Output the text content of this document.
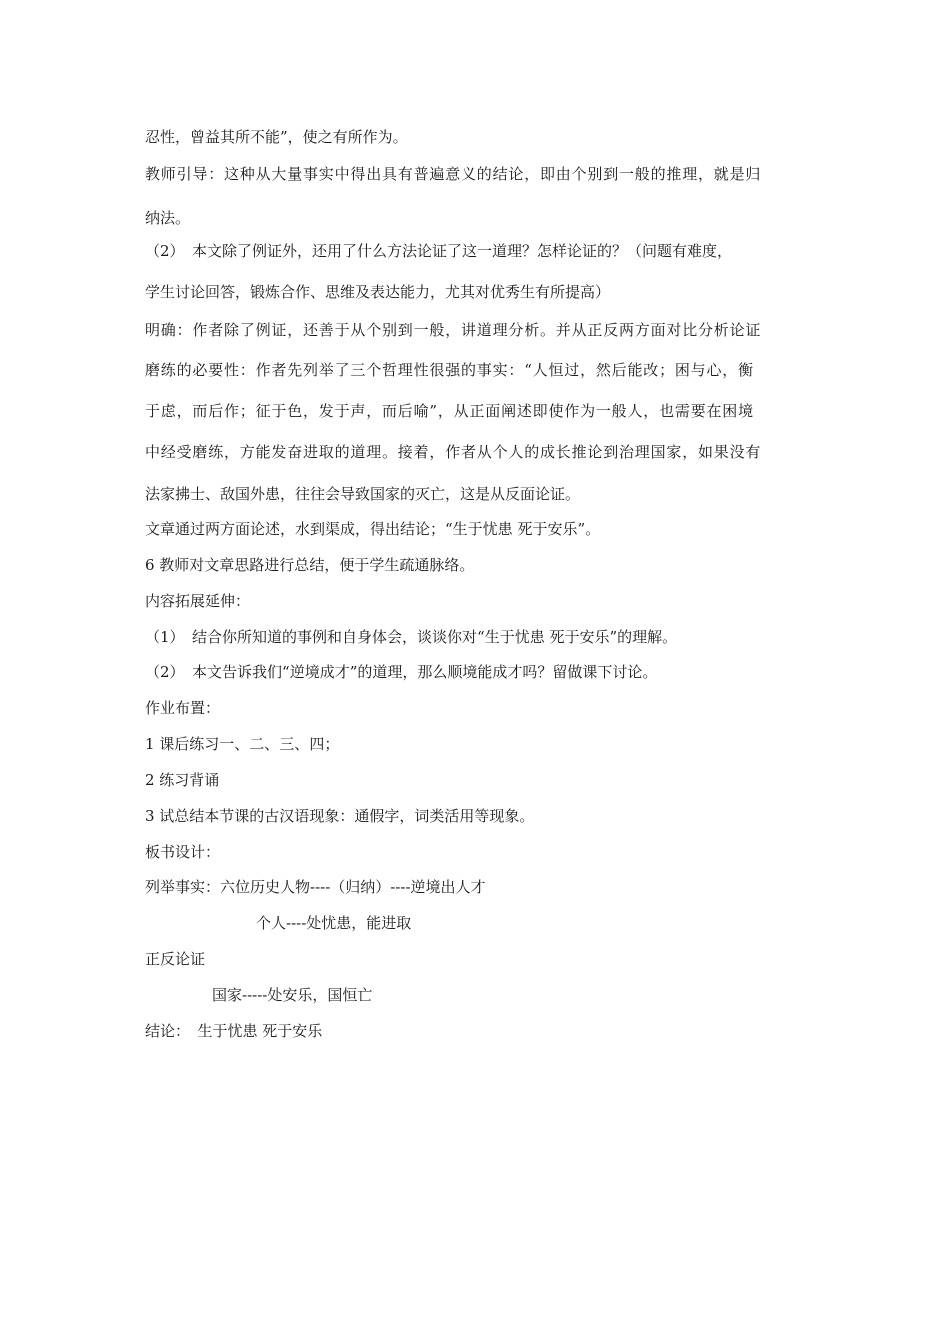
忍性，曾益其所不能”，使之有所作为。
教师引导：这种从大量事实中得出具有普遍意义的结论，即由个别到一般的推理，就是归
纳法。
（2）　本文除了例证外，还用了什么方法论证了这一道理？怎样论证的？（问题有难度，
学生讨论回答，锻炼合作、思维及表达能力，尤其对优秀生有所提高）
明确：作者除了例证，还善于从个别到一般，讲道理分析。并从正反两方面对比分析论证
磨练的必要性：作者先列举了三个哲理性很强的事实：“人恒过，然后能改；困与心，衡
于虑，而后作；征于色，发于声，而后喻”，从正面阐述即使作为一般人，也需要在困境
中经受磨练，方能发奋进取的道理。接着，作者从个人的成长推论到治理国家，如果没有
法家拂士、敌国外患，往往会导致国家的灭亡，这是从反面论证。
文章通过两方面论述，水到渠成，得出结论；“生于忧患 死于安乐”。
6 教师对文章思路进行总结，便于学生疏通脉络。
内容拓展延伸：
（1）　结合你所知道的事例和自身体会，谈谈你对“生于忧患 死于安乐”的理解。
（2）　本文告诉我们“逆境成才”的道理，那么顺境能成才吗？留做课下讨论。
作业布置：
1 课后练习一、二、三、四；
2 练习背诵
3 试总结本节课的古汉语现象：通假字，词类活用等现象。
板书设计：
列举事实：六位历史人物----（归纳）----逆境出人才
个人----处忧患，能进取
正反论证
国家-----处安乐，国恒亡
结论：　生于忧患 死于安乐
